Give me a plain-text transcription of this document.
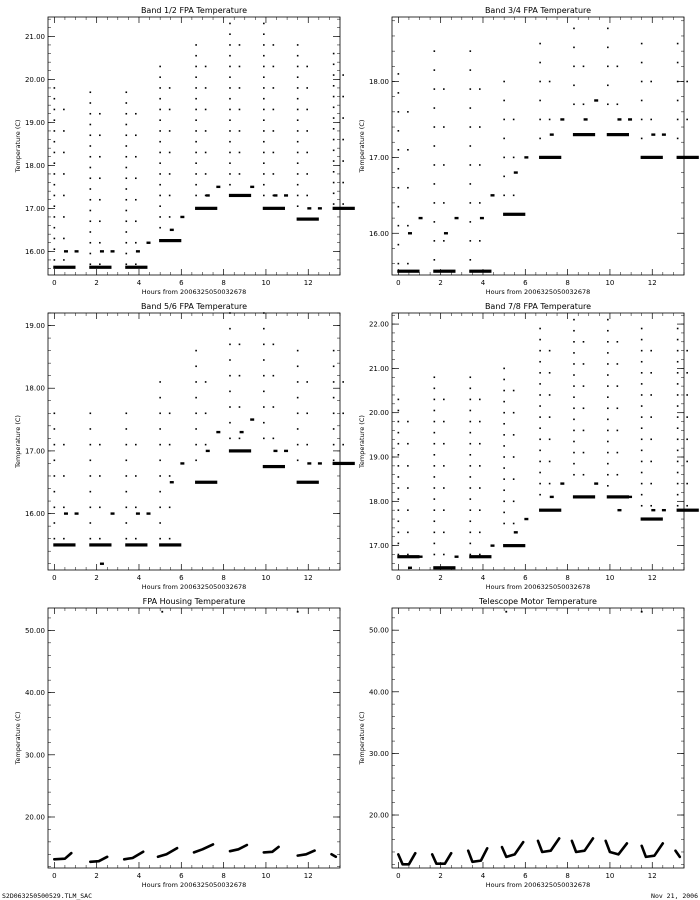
Band 1/2 FPA Temperature
Hours from 2006325050032678
Temperature (C)
0	2	4	6	8	10	12
16.00
17.00
18.00
19.00
20.00
21.00
Band 3/4 FPA Temperature
Hours from 2006325050032678
Temperature (C)
0	2	4	6	8	10	12
16.00
17.00
18.00
Band 5/6 FPA Temperature
Hours from 2006325050032678
Temperature (C)
0	2	4	6	8	10	12
16.00
17.00
18.00
19.00
Band 7/8 FPA Temperature
Hours from 2006325050032678
Temperature (C)
0	2	4	6	8	10	12
17.00
18.00
19.00
20.00
21.00
22.00
FPA Housing Temperature
Hours from 2006325050032678
Temperature (C)
0	2	4	6	8	10	12
20.00
30.00
40.00
50.00
Telescope Motor Temperature
Hours from 2006325050032678
Temperature (C)
0	2	4	6	8	10	12
20.00
30.00
40.00
50.00
S2D063250500529.TLM_SAC	Nov 21, 2006
